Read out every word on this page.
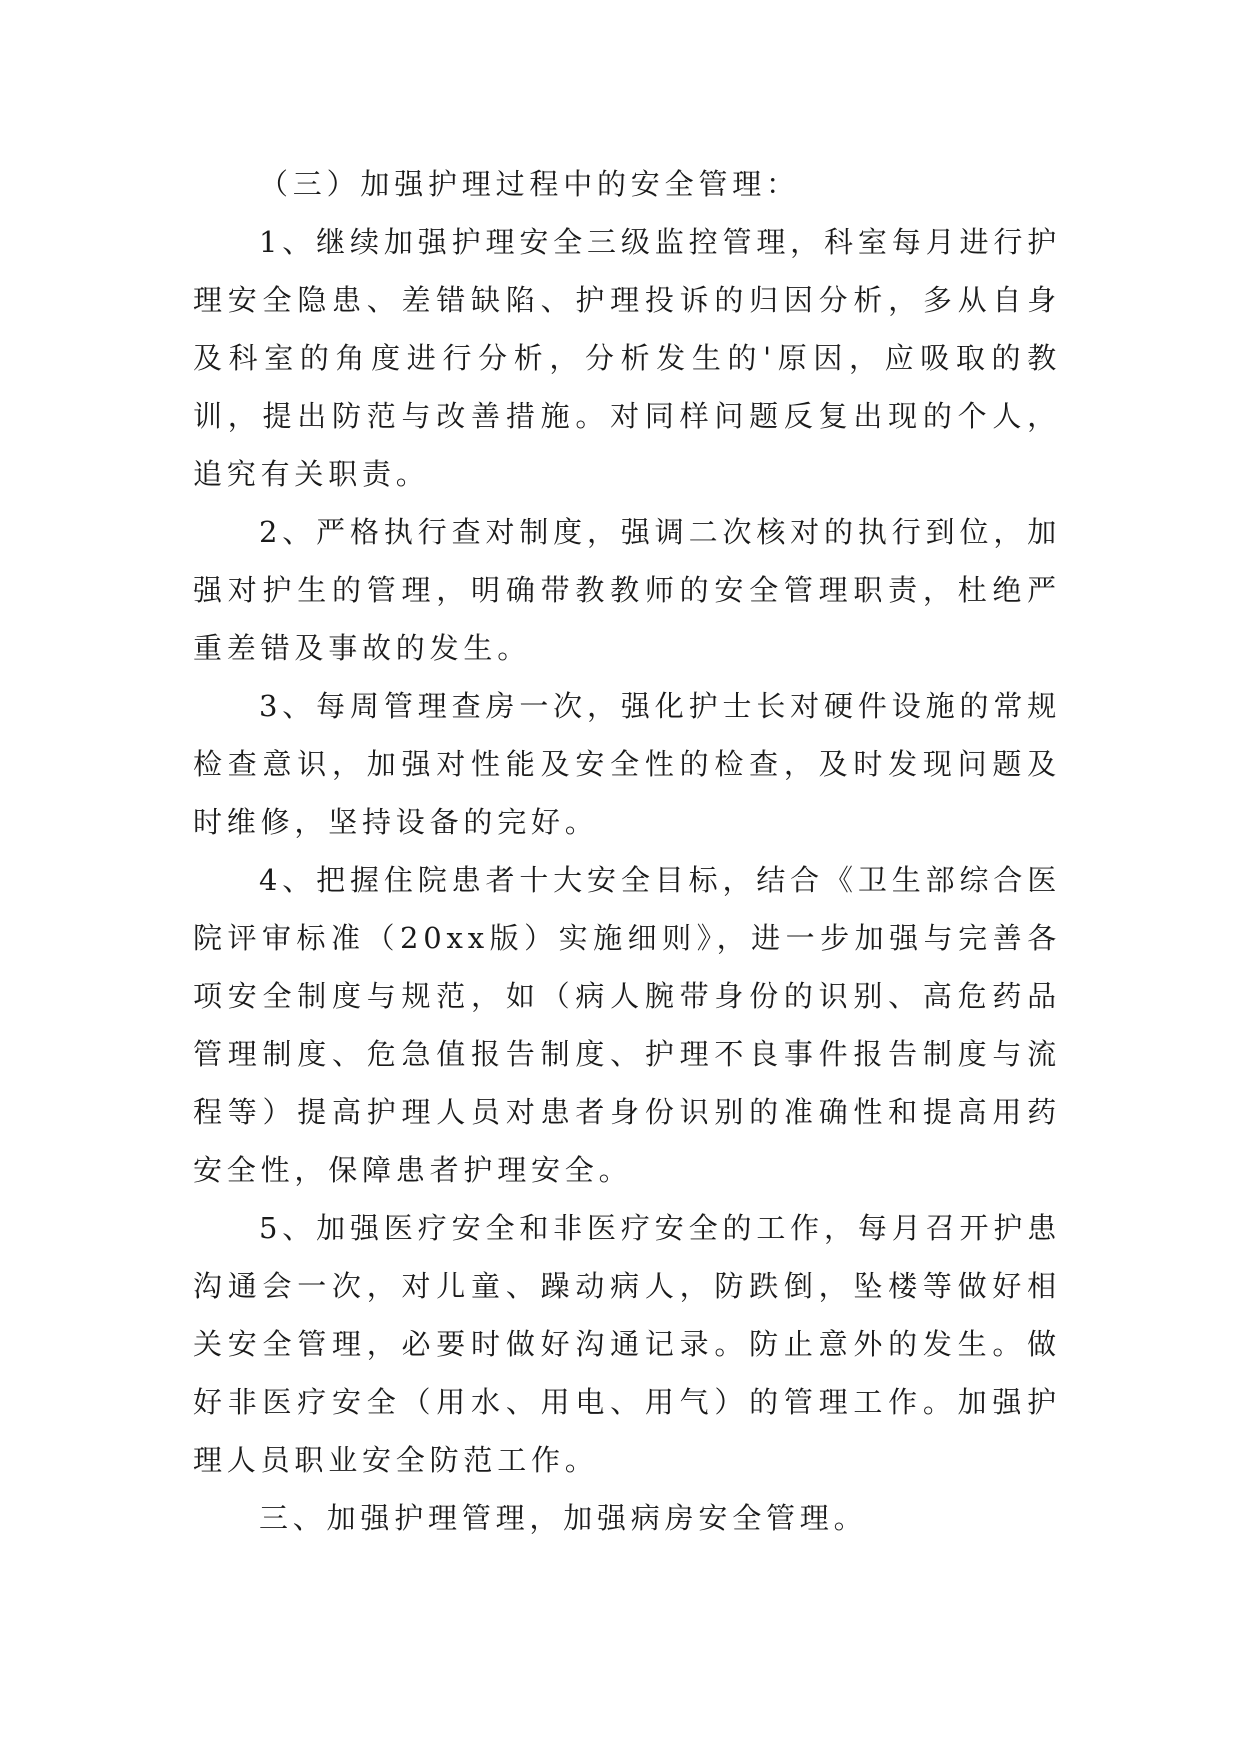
（三）加强护理过程中的安全管理：

1、继续加强护理安全三级监控管理，科室每月进行护理安全隐患、差错缺陷、护理投诉的归因分析，多从自身及科室的角度进行分析，分析发生的'原因，应吸取的教训，提出防范与改善措施。对同样问题反复出现的个人，追究有关职责。

2、严格执行查对制度，强调二次核对的执行到位，加强对护生的管理，明确带教教师的安全管理职责，杜绝严重差错及事故的发生。

3、每周管理查房一次，强化护士长对硬件设施的常规检查意识，加强对性能及安全性的检查，及时发现问题及时维修，坚持设备的完好。

4、把握住院患者十大安全目标，结合《卫生部综合医院评审标准（20xx版）实施细则》，进一步加强与完善各项安全制度与规范，如（病人腕带身份的识别、高危药品管理制度、危急值报告制度、护理不良事件报告制度与流程等）提高护理人员对患者身份识别的准确性和提高用药安全性，保障患者护理安全。

5、加强医疗安全和非医疗安全的工作，每月召开护患沟通会一次，对儿童、躁动病人，防跌倒，坠楼等做好相关安全管理，必要时做好沟通记录。防止意外的发生。做好非医疗安全（用水、用电、用气）的管理工作。加强护理人员职业安全防范工作。

三、加强护理管理，加强病房安全管理。
